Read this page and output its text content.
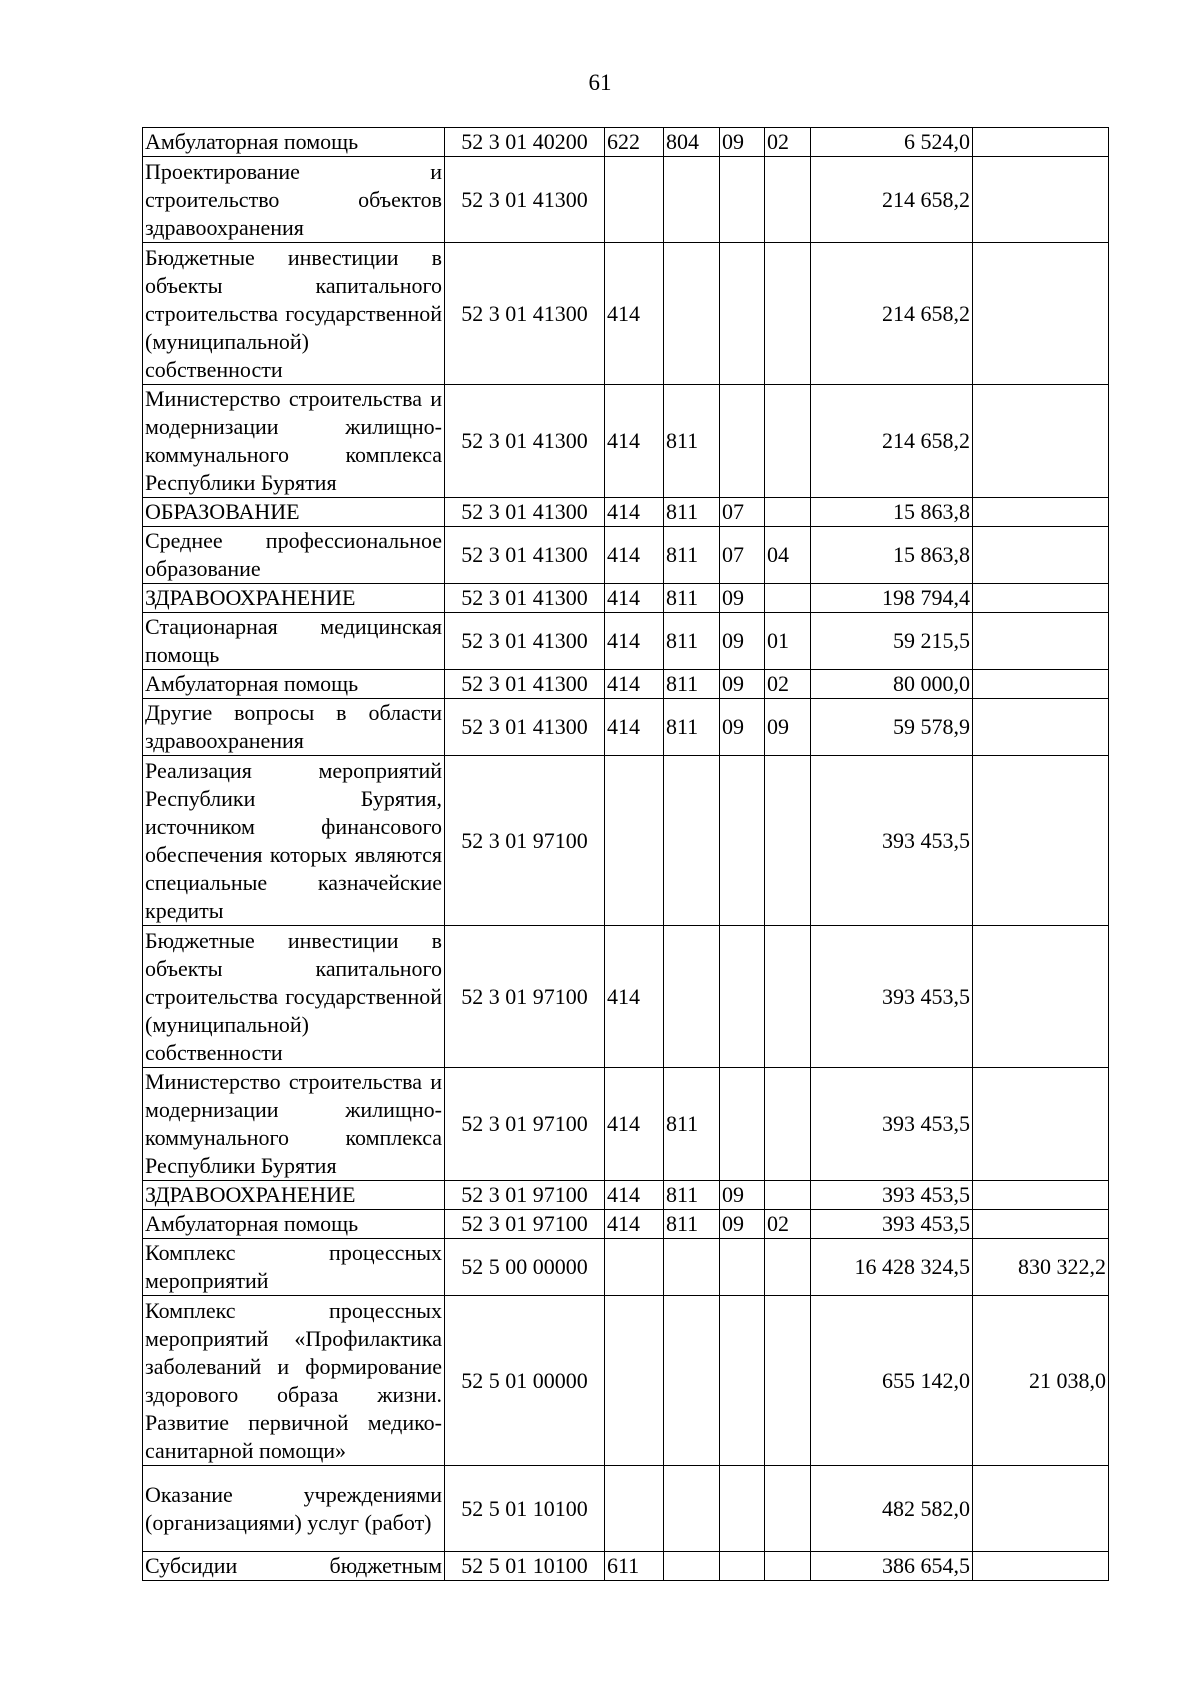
61
Амбулаторная помощь	52 3 01 40200	622	804	09	02	6 524,0	
Проектирование и строительство объектов здравоохранения	52 3 01 41300					214 658,2	
Бюджетные инвестиции в объекты капитального строительства государственной (муниципальной) собственности	52 3 01 41300	414				214 658,2	
Министерство строительства и модернизации жилищно-коммунального комплекса Республики Бурятия	52 3 01 41300	414	811			214 658,2	
ОБРАЗОВАНИЕ	52 3 01 41300	414	811	07		15 863,8	
Среднее профессиональное образование	52 3 01 41300	414	811	07	04	15 863,8	
ЗДРАВООХРАНЕНИЕ	52 3 01 41300	414	811	09		198 794,4	
Стационарная медицинская помощь	52 3 01 41300	414	811	09	01	59 215,5	
Амбулаторная помощь	52 3 01 41300	414	811	09	02	80 000,0	
Другие вопросы в области здравоохранения	52 3 01 41300	414	811	09	09	59 578,9	
Реализация мероприятий Республики Бурятия, источником финансового обеспечения которых являются специальные казначейские кредиты	52 3 01 97100					393 453,5	
Бюджетные инвестиции в объекты капитального строительства государственной (муниципальной) собственности	52 3 01 97100	414				393 453,5	
Министерство строительства и модернизации жилищно-коммунального комплекса Республики Бурятия	52 3 01 97100	414	811			393 453,5	
ЗДРАВООХРАНЕНИЕ	52 3 01 97100	414	811	09		393 453,5	
Амбулаторная помощь	52 3 01 97100	414	811	09	02	393 453,5	
Комплекс процессных мероприятий	52 5 00 00000					16 428 324,5	830 322,2
Комплекс процессных мероприятий «Профилактика заболеваний и формирование здорового образа жизни. Развитие первичной медико-санитарной помощи»	52 5 01 00000					655 142,0	21 038,0
Оказание учреждениями (организациями) услуг (работ)	52 5 01 10100					482 582,0	
Субсидии бюджетным	52 5 01 10100	611				386 654,5	
